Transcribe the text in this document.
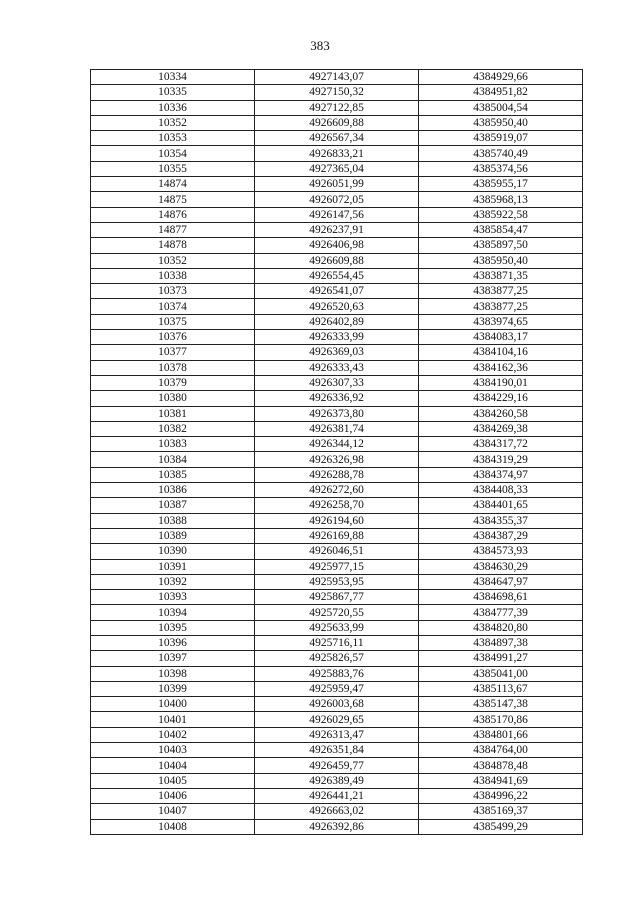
383
10334	4927143,07	4384929,66
10335	4927150,32	4384951,82
10336	4927122,85	4385004,54
10352	4926609,88	4385950,40
10353	4926567,34	4385919,07
10354	4926833,21	4385740,49
10355	4927365,04	4385374,56
14874	4926051,99	4385955,17
14875	4926072,05	4385968,13
14876	4926147,56	4385922,58
14877	4926237,91	4385854,47
14878	4926406,98	4385897,50
10352	4926609,88	4385950,40
10338	4926554,45	4383871,35
10373	4926541,07	4383877,25
10374	4926520,63	4383877,25
10375	4926402,89	4383974,65
10376	4926333,99	4384083,17
10377	4926369,03	4384104,16
10378	4926333,43	4384162,36
10379	4926307,33	4384190,01
10380	4926336,92	4384229,16
10381	4926373,80	4384260,58
10382	4926381,74	4384269,38
10383	4926344,12	4384317,72
10384	4926326,98	4384319,29
10385	4926288,78	4384374,97
10386	4926272,60	4384408,33
10387	4926258,70	4384401,65
10388	4926194,60	4384355,37
10389	4926169,88	4384387,29
10390	4926046,51	4384573,93
10391	4925977,15	4384630,29
10392	4925953,95	4384647,97
10393	4925867,77	4384698,61
10394	4925720,55	4384777,39
10395	4925633,99	4384820,80
10396	4925716,11	4384897,38
10397	4925826,57	4384991,27
10398	4925883,76	4385041,00
10399	4925959,47	4385113,67
10400	4926003,68	4385147,38
10401	4926029,65	4385170,86
10402	4926313,47	4384801,66
10403	4926351,84	4384764,00
10404	4926459,77	4384878,48
10405	4926389,49	4384941,69
10406	4926441,21	4384996,22
10407	4926663,02	4385169,37
10408	4926392,86	4385499,29
